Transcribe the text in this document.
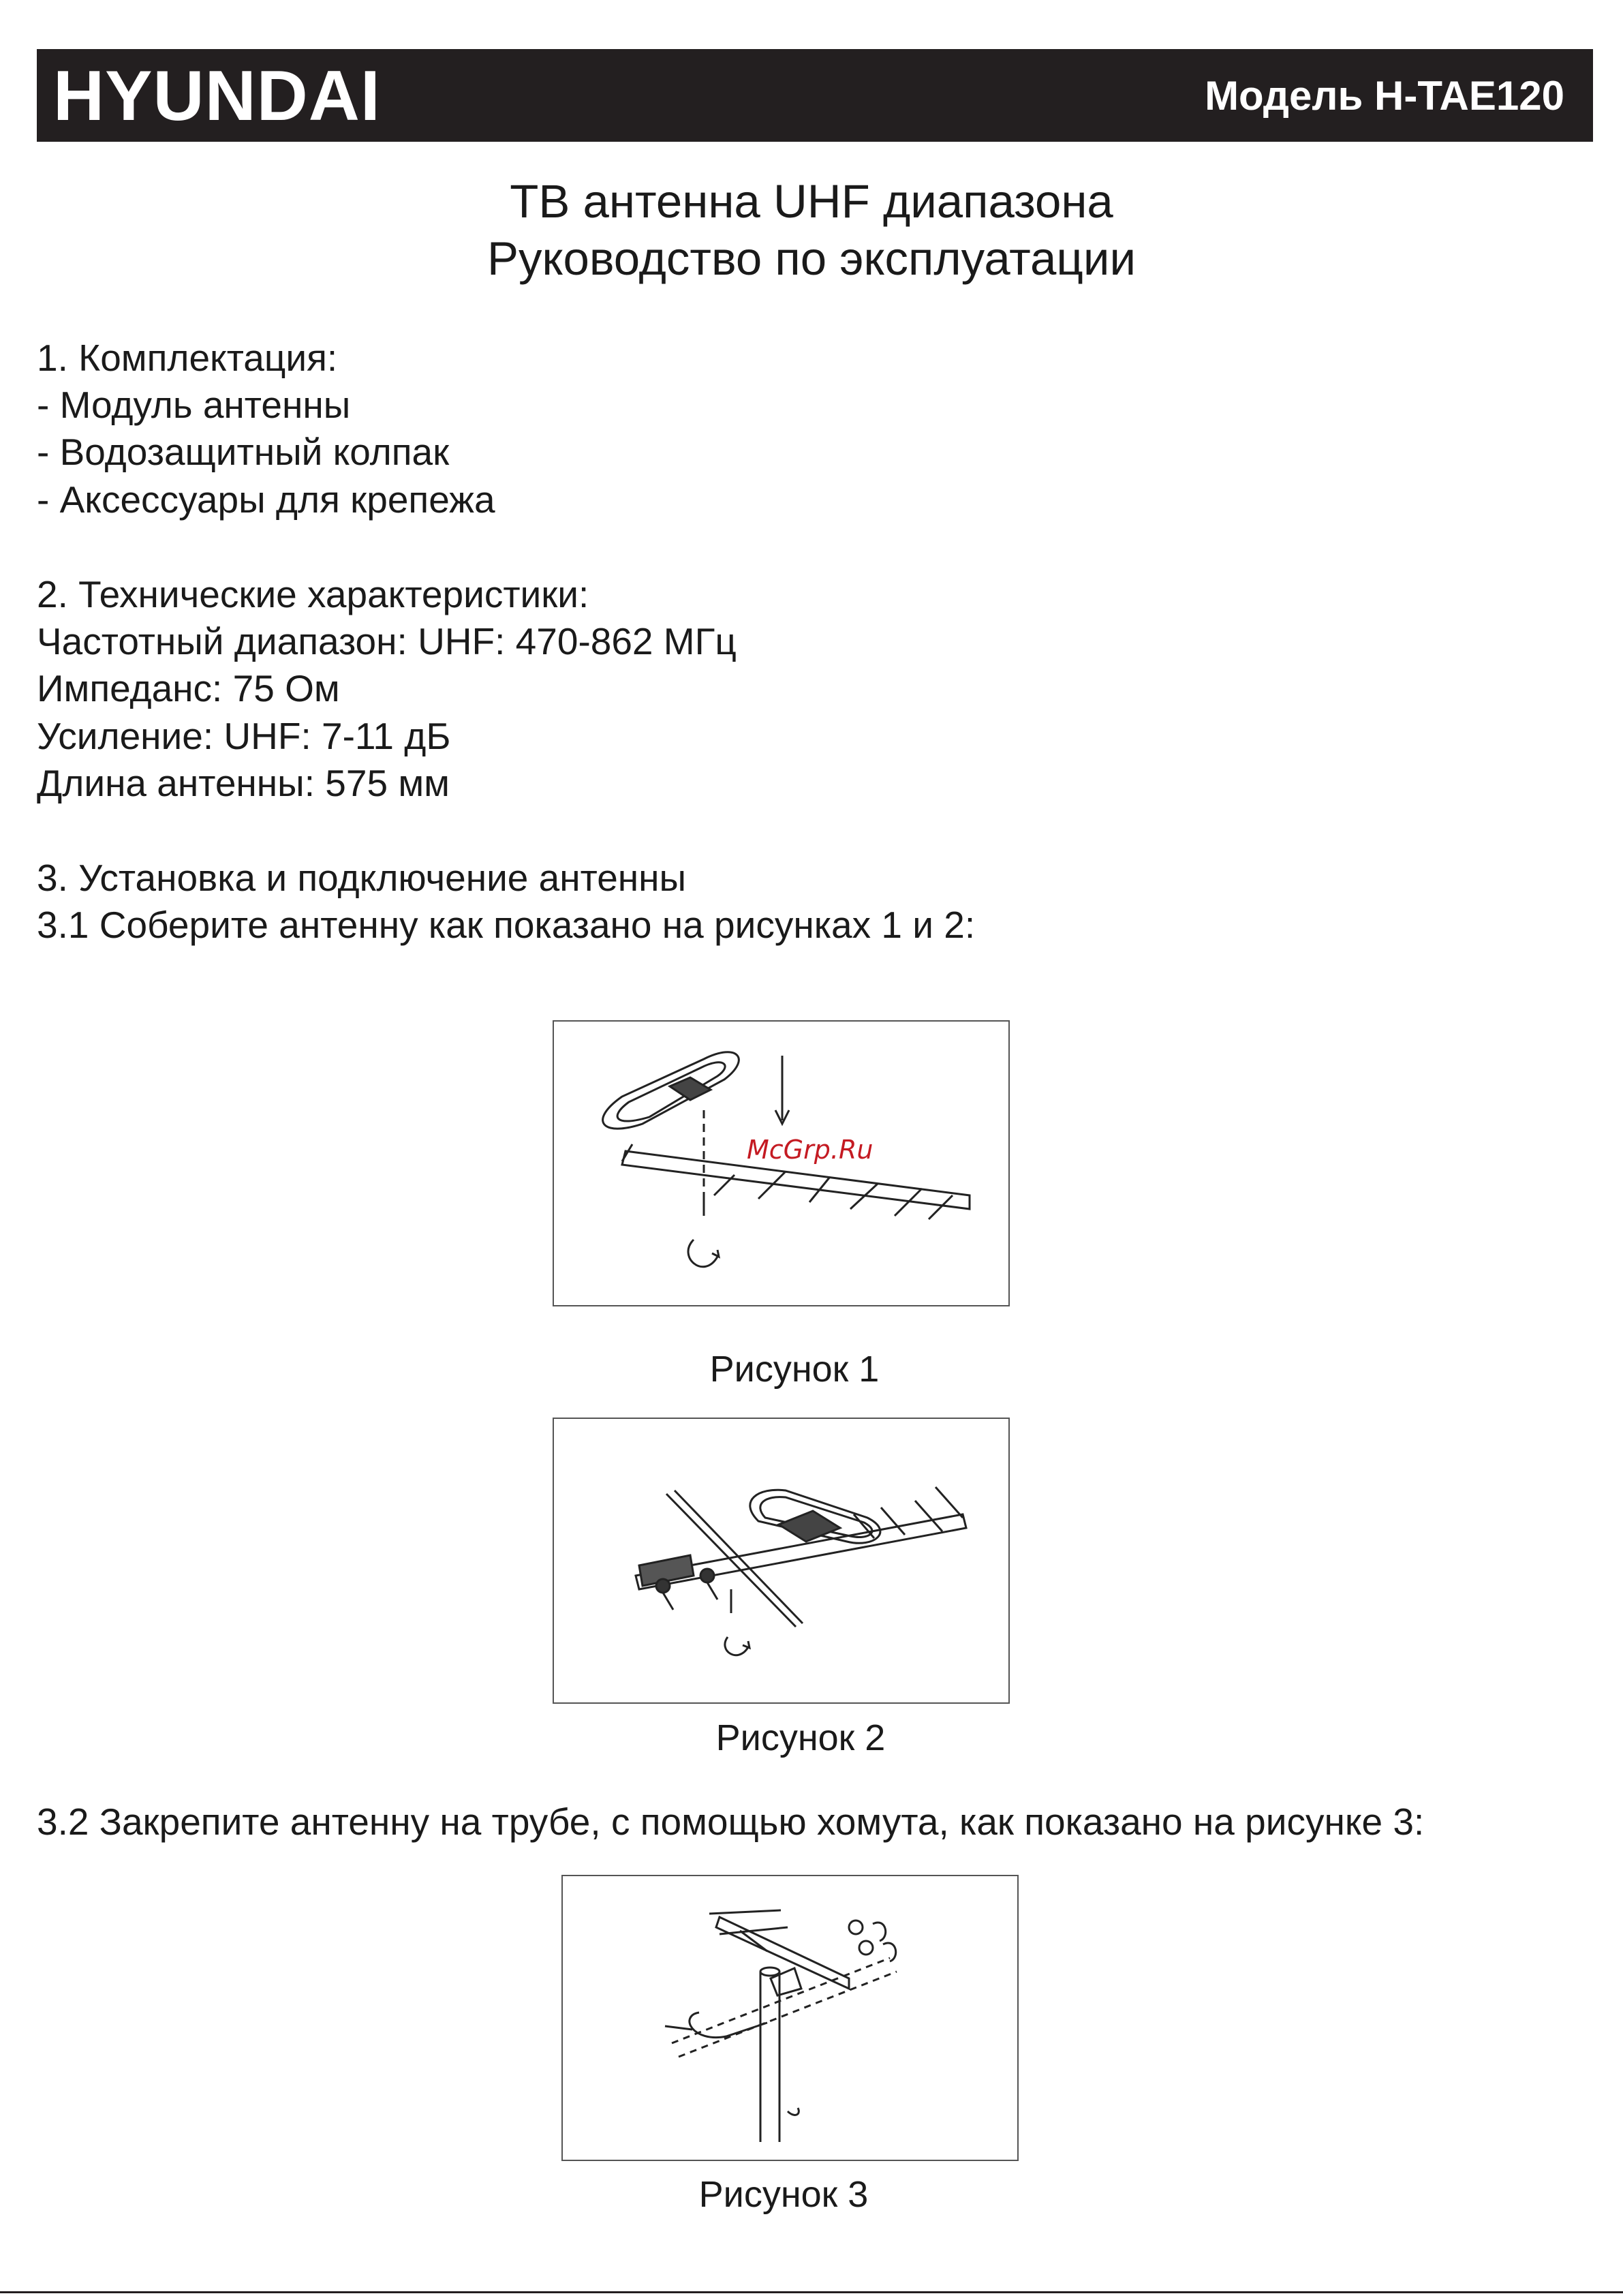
HYUNDAI	Модель H-TAE120
ТВ антенна UHF диапазона
Руководство по эксплуатации
1. Комплектация:
- Модуль антенны
- Водозащитный колпак
- Аксессуары для крепежа
2. Технические характеристики:
Частотный диапазон: UHF: 470-862 МГц
Импеданс: 75 Ом
Усиление: UHF: 7-11 дБ
Длина антенны: 575 мм
3. Установка и подключение антенны
3.1 Соберите антенну как показано на рисунках 1 и 2:
McGrp.Ru
Рисунок 1
Рисунок 2
3.2 Закрепите антенну на трубе, с помощью хомута, как показано на рисунке 3:
Рисунок 3
